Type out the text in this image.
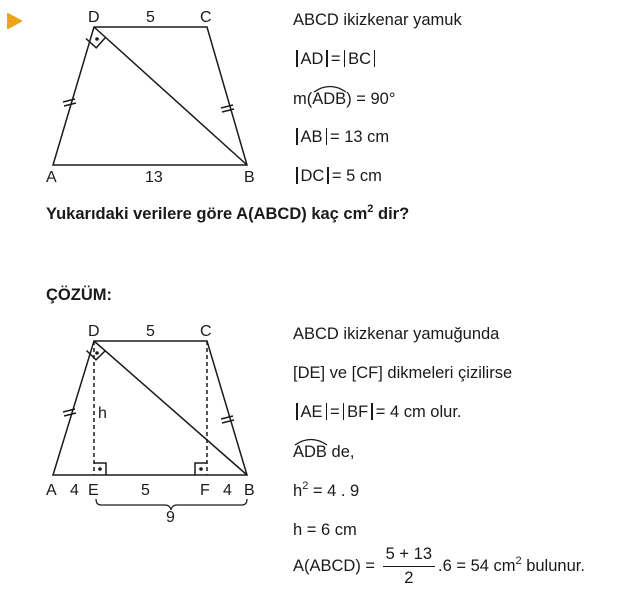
D	C
5
A	B
13
ABCD ikizkenar yamuk
AD = BC
m(
ADB) = 90°
AB = 13 cm
DC = 5 cm
Yukarıdaki verilere göre A(ABCD) kaç $cm^2$ dir?
ÇÖZÜM:
D	C
5
h
A 4 E	5	F 4 B
9
ABCD ikizkenar yamuğunda
[DE] ve [CF] dikmeleri çizilirse
AE = BF = 4 cm olur.
ADB de,
$h^2 = 4$ . 9
h = 6 cm
A(ABCD) = $\frac{5 + 13}{2} .6 = 54$ $cm^2$ bulunur.
